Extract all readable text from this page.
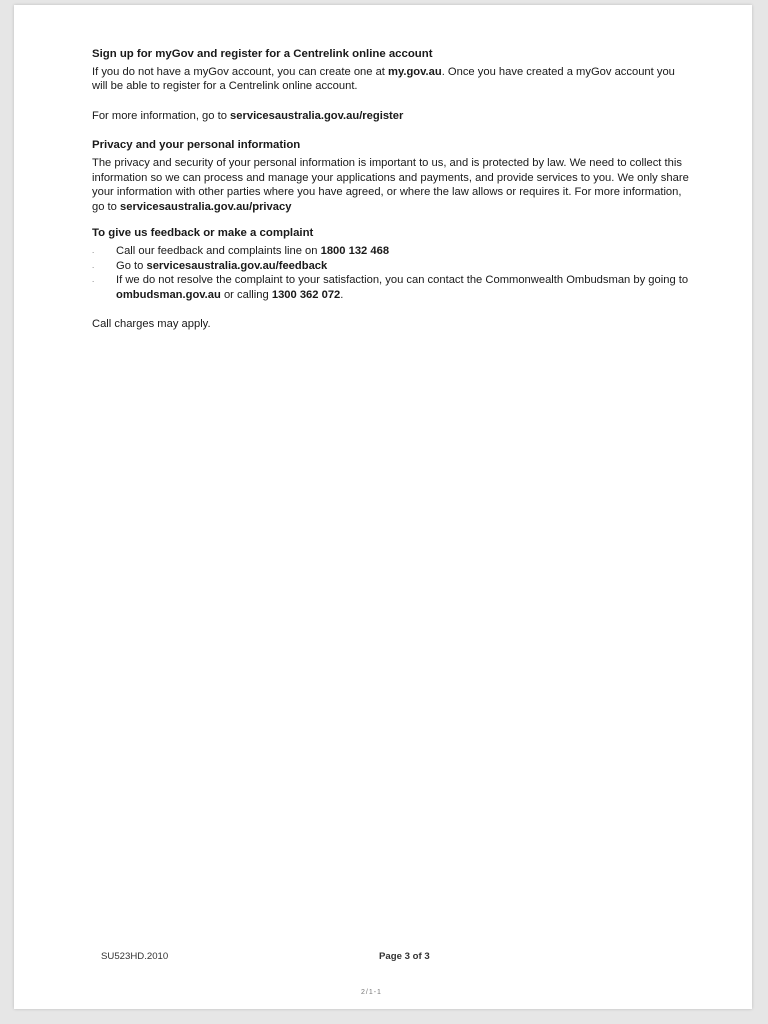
Sign up for myGov and register for a Centrelink online account

If you do not have a myGov account, you can create one at my.gov.au. Once you have created a myGov account you will be able to register for a Centrelink online account.

For more information, go to servicesaustralia.gov.au/register

Privacy and your personal information

The privacy and security of your personal information is important to us, and is protected by law. We need to collect this information so we can process and manage your applications and payments, and provide services to you. We only share your information with other parties where you have agreed, or where the law allows or requires it. For more information, go to servicesaustralia.gov.au/privacy

To give us feedback or make a complaint
. Call our feedback and complaints line on 1800 132 468
. Go to servicesaustralia.gov.au/feedback
. If we do not resolve the complaint to your satisfaction, you can contact the Commonwealth Ombudsman by going to ombudsman.gov.au or calling 1300 362 072.

Call charges may apply.

SU523HD.2010	Page 3 of 3
2/1-1
